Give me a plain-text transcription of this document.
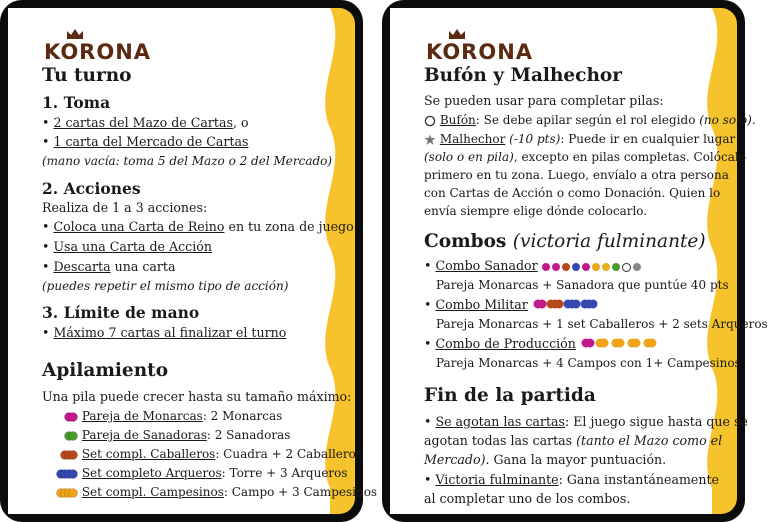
KORONA
Tu turno
1. Toma
• 2 cartas del Mazo de Cartas, o
• 1 carta del Mercado de Cartas
(mano vacía: toma 5 del Mazo o 2 del Mercado)
2. Acciones
Realiza de 1 a 3 acciones:
• Coloca una Carta de Reino en tu zona de juego
• Usa una Carta de Acción
• Descarta una carta
(puedes repetir el mismo tipo de acción)
3. Límite de mano
• Máximo 7 cartas al finalizar el turno
Apilamiento
Una pila puede crecer hasta su tamaño máximo:
Pareja de Monarcas: 2 Monarcas
Pareja de Sanadoras: 2 Sanadoras
Set compl. Caballeros: Cuadra + 2 Caballeros
Set completo Arqueros: Torre + 3 Arqueros
Set compl. Campesinos: Campo + 3 Campesinos
KORONA
Bufón y Malhechor
Se pueden usar para completar pilas:
Bufón: Se debe apilar según el rol elegido (no solo).
Malhechor (-10 pts): Puede ir en cualquier lugar
(solo o en pila), excepto en pilas completas. Colócalo
primero en tu zona. Luego, envíalo a otra persona
con Cartas de Acción o como Donación. Quien lo
envía siempre elige dónde colocarlo.
Combos (victoria fulminante)
• Combo Sanador
Pareja Monarcas + Sanadora que puntúe 40 pts
• Combo Militar
Pareja Monarcas + 1 set Caballeros + 2 sets Arqueros
• Combo de Producción
Pareja Monarcas + 4 Campos con 1+ Campesinos
Fin de la partida
• Se agotan las cartas: El juego sigue hasta que se
agotan todas las cartas (tanto el Mazo como el
Mercado). Gana la mayor puntuación.
• Victoria fulminante: Gana instantáneamente
al completar uno de los combos.
